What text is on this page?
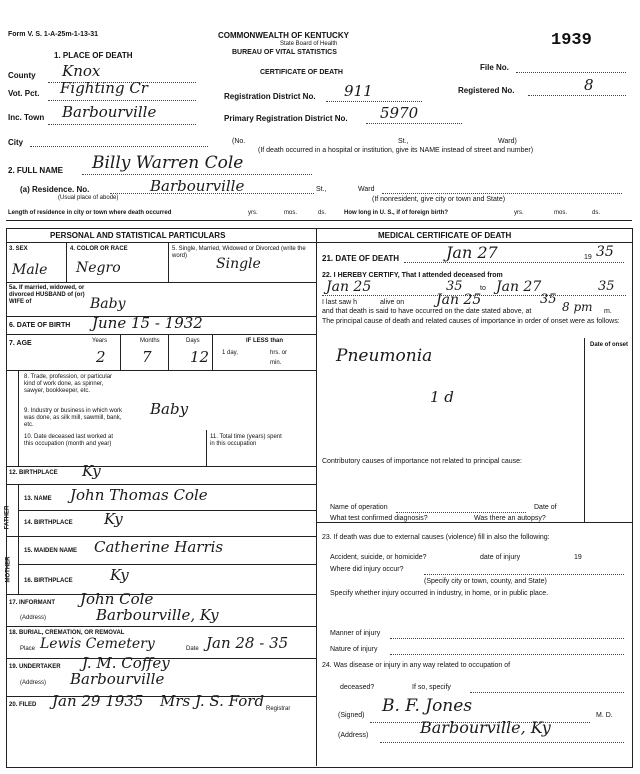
Form V. S. 1-A-25m-1-13-31	COMMONWEALTH OF KENTUCKY
State Board of Health
BUREAU OF VITAL STATISTICS
CERTIFICATE OF DEATH
1939
1. PLACE OF DEATH
County Knox
Vot. Pct. Fighting Cr
Inc. Town Barbourville
File No.
Registered No.	8
Registration District No. 911
Primary Registration District No. 5970
City	(No.	St.,	Ward)
(If death occurred in a hospital or institution, give its NAME instead of street and number)
2. FULL NAME Billy Warren Cole
(a) Residence. No.	Barbourville
(Usual place of abode)
St.,	Ward
(If nonresident, give city or town and State)
Length of residence in city or town where death occurred	yrs.	mos.	ds.	How long in U. S., if of foreign birth?	yrs.	mos.	ds.
PERSONAL AND STATISTICAL PARTICULARS
3. SEX	4. COLOR OR RACE	5. Single, Married, Widowed or Divorced (write the word)
Male Negro	Single
5a. If married, widowed, or divorced HUSBAND of (or) WIFE of	Baby
6. DATE OF BIRTH June 15 - 1932
7. AGE	Years	Months	Days
2 7	12
IF LESS than
1 day,	hrs. or
min.
8. Trade, profession, or particular kind of work done, as spinner, sawyer, bookkeeper, etc.
Baby
9. Industry or business in which work was done, as silk mill, sawmill, bank, etc.
10. Date deceased last worked at this occupation (month and year)
11. Total time (years) spent in this occupation
12. BIRTHPLACE Ky
FATHER
MOTHER
13. NAME John Thomas Cole
14. BIRTHPLACE Ky
15. MAIDEN NAME Catherine Harris
16. BIRTHPLACE Ky
17. INFORMANT John Cole
(Address)	Barbourville, Ky
18. BURIAL, CREMATION, OR REMOVAL
Place Lewis Cemetery	Date Jan 28 - 35
19. UNDERTAKER J. M. Coffey
(Address) Barbourville
20. FILED Jan 29 1935 Mrs J. S. Ford Registrar
MEDICAL CERTIFICATE OF DEATH
21. DATE OF DEATH	Jan 27	19 35
22. I HEREBY CERTIFY, That I attended deceased from
Jan 25	35 to Jan 27	35
I last saw h	alive on Jan 25	35
and that death is said to have occurred on the date stated above, at	8 pm m.
The principal cause of death and related causes of importance in order of onset were as follows:
Date of onset
Pneumonia
1 d
Contributory causes of importance not related to principal cause:
Name of operation	Date of
What test confirmed diagnosis?	Was there an autopsy?
23. If death was due to external causes (violence) fill in also the following:
Accident, suicide, or homicide?	date of injury	19
Where did injury occur?
(Specify city or town, county, and State)
Specify whether injury occurred in industry, in home, or in public place.
Manner of injury
Nature of injury
24. Was disease or injury in any way related to occupation of
deceased?	If so, specify
(Signed) B. F. Jones	M. D.
(Address)	Barbourville, Ky
